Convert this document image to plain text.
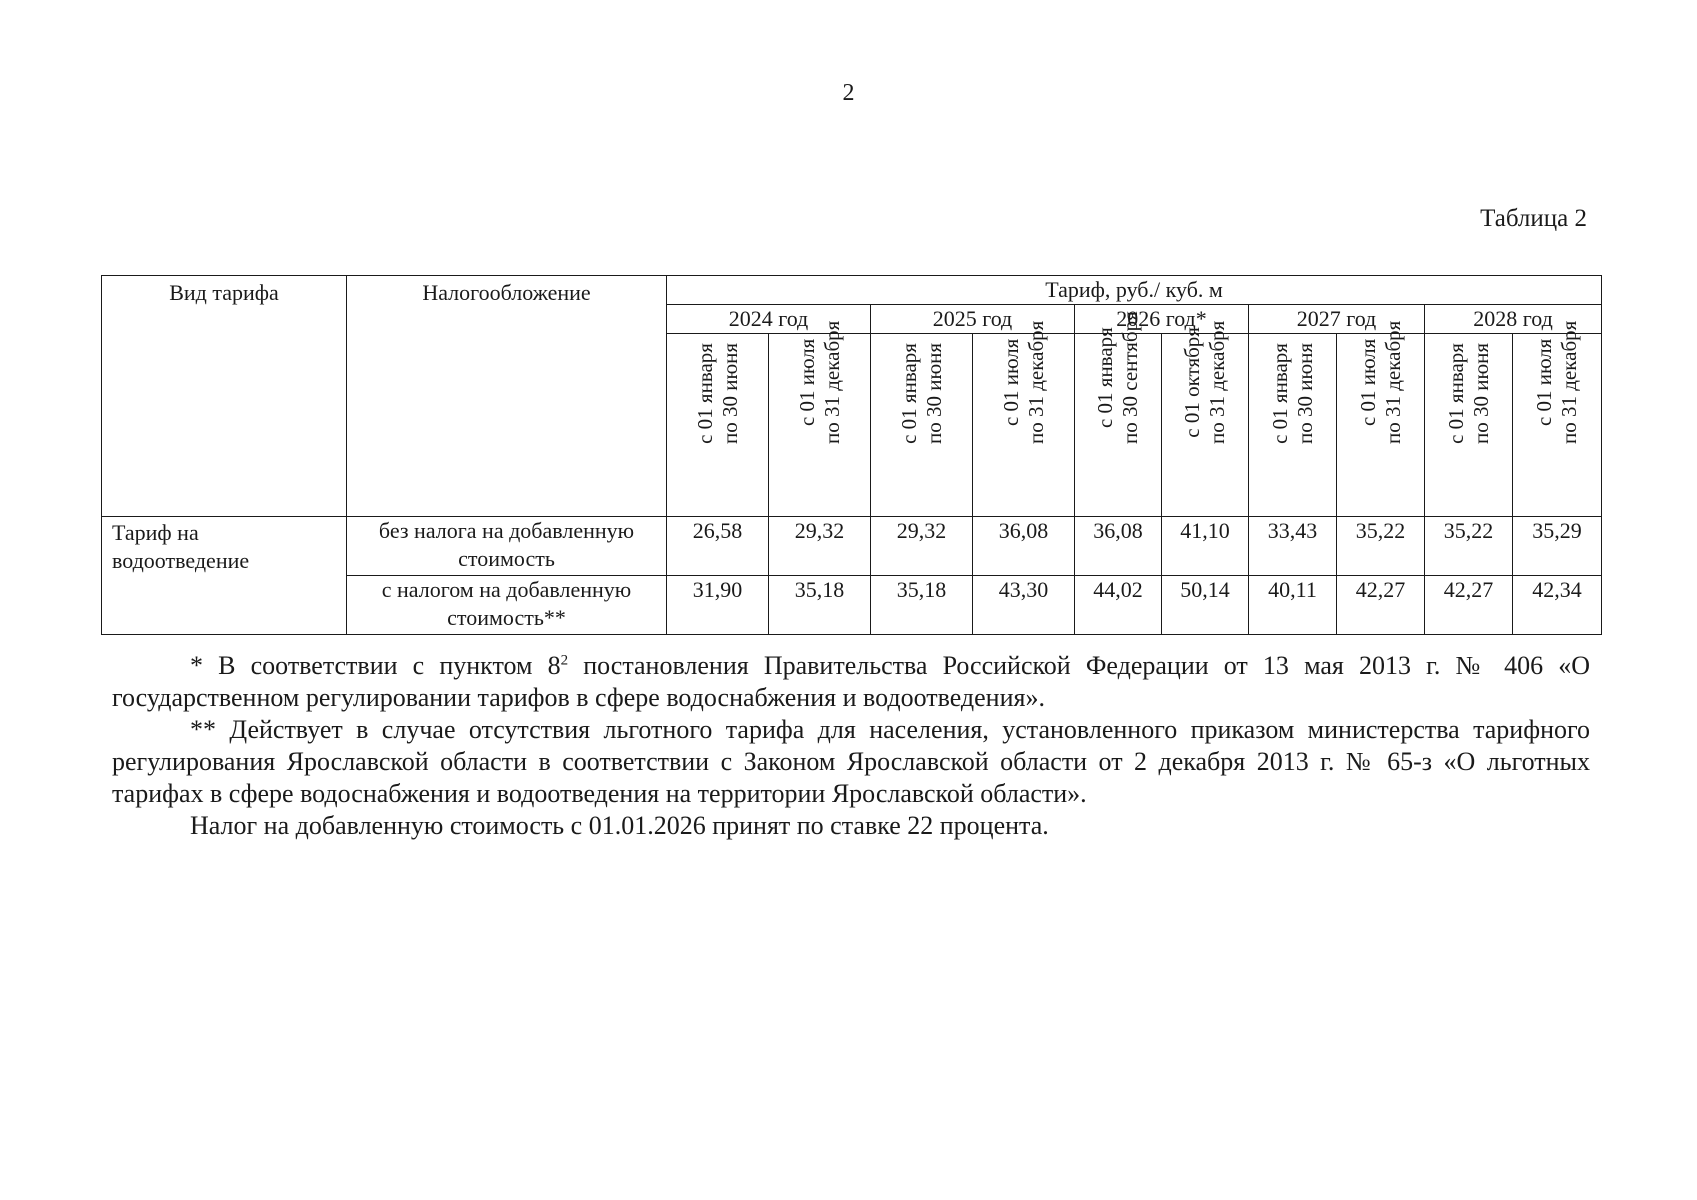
2
Таблица 2
Вид тарифа	Налогообложение	Тариф, руб./ куб. м									
		2024 год		2025 год		2026 год*		2027 год		2028 год	

		с 01 января по 30 июня	с 01 июля по 31 декабря	с 01 января по 30 июня	с 01 июля по 31 декабря	с 01 января по 30 сентября	с 01 октября по 31 декабря	с 01 января по 30 июня	с 01 июля по 31 декабря	с 01 января по 30 июня	с 01 июля по 31 декабря

Тариф на водоотведение	без налога на добавленную стоимость	26,58	29,32	29,32	36,08	36,08	41,10	33,43	35,22	35,22	35,29
	с налогом на добавленную стоимость**	31,90	35,18	35,18	43,30	44,02	50,14	40,11	42,27	42,27	42,34

* В соответствии с пунктом $8^2$ постановления Правительства Российской Федерации от 13 мая 2013 г. № 406 «О государственном регулировании тарифов в сфере водоснабжения и водоотведения».

** Действует в случае отсутствия льготного тарифа для населения, установленного приказом министерства тарифного регулирования Ярославской области в соответствии с Законом Ярославской области от 2 декабря 2013 г. № 65-з «О льготных тарифах в сфере водоснабжения и водоотведения на территории Ярославской области».

Налог на добавленную стоимость с 01.01.2026 принят по ставке 22 процента.
